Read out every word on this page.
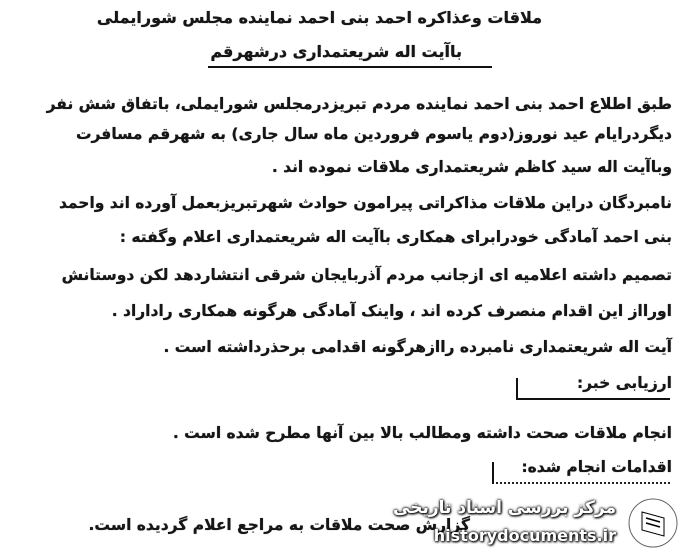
ملاقات وعذاکره احمد بنی احمد نماینده مجلس شورایملی
باآیت اله شریعتمداری درشهرقم
طبق اطلاع احمد بنی احمد نماینده مردم تبریزدرمجلس شورایملی، باتفاق شش نفر
دیگردرایام عید نوروز(دوم یاسوم فروردین ماه سال جاری) به شهرقم مسافرت
وباآیت اله سید کاظم شریعتمداری ملاقات نموده اند .
نامبردگان دراین ملاقات مذاکراتی پیرامون حوادث شهرتبریزبعمل آورده اند واحمد
بنی احمد آمادگی خودرابرای همکاری باآیت اله شریعتمداری اعلام وگفته :
تصمیم داشته اعلامیه ای ازجانب مردم آذربایجان شرقی انتشاردهد لکن دوستانش
اورااز این اقدام منصرف کرده اند ، واینک آمادگی هرگونه همکاری راداراد .
آیت اله شریعتمداری نامبرده راازهرگونه اقدامی برحذرداشته است .
ارزیابی خبر:
انجام ملاقات صحت داشته ومطالب بالا بین آنها مطرح شده است .
اقدامات انجام شده:
گزارش صحت ملاقات به مراجع اعلام گردیده است.
مرکز بررسی اسناد تاریخی
historydocuments.ir
